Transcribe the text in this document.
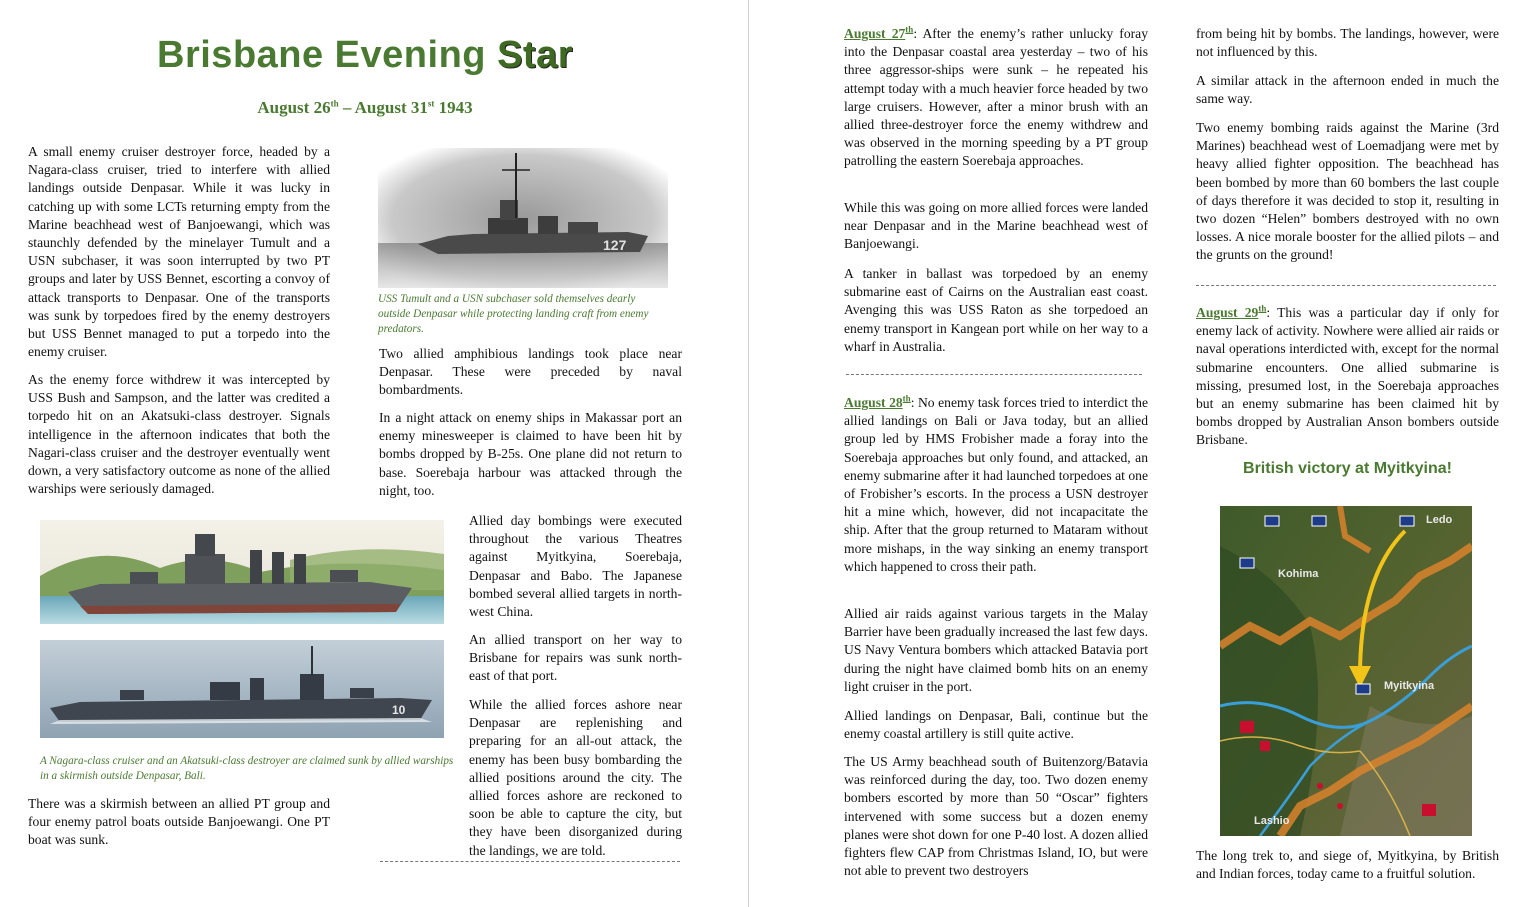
Brisbane Evening Star
August 26th – August 31st 1943

A small enemy cruiser destroyer force, headed by a Nagara-class cruiser, tried to interfere with allied landings outside Denpasar. While it was lucky in catching up with some LCTs returning empty from the Marine beachhead west of Banjoewangi, which was staunchly defended by the minelayer Tumult and a USN subchaser, it was soon interrupted by two PT groups and later by USS Bennet, escorting a convoy of attack transports to Denpasar. One of the transports was sunk by torpedoes fired by the enemy destroyers but USS Bennet managed to put a torpedo into the enemy cruiser.

As the enemy force withdrew it was intercepted by USS Bush and Sampson, and the latter was credited a torpedo hit on an Akatsuki-class destroyer. Signals intelligence in the afternoon indicates that both the Nagari-class cruiser and the destroyer eventually went down, a very satisfactory outcome as none of the allied warships were seriously damaged.

There was a skirmish between an allied PT group and four enemy patrol boats outside Banjoewangi. One PT boat was sunk.

127

USS Tumult and a USN subchaser sold themselves dearly outside Denpasar while protecting landing craft from enemy predators.

Two allied amphibious landings took place near Denpasar. These were preceded by naval bombardments.

In a night attack on enemy ships in Makassar port an enemy minesweeper is claimed to have been hit by bombs dropped by B-25s. One plane did not return to base. Soerebaja harbour was attacked through the night, too.

10

A Nagara-class cruiser and an Akatsuki-class destroyer are claimed sunk by allied warships in a skirmish outside Denpasar, Bali.

Allied day bombings were executed throughout the various Theatres against Myitkyina, Soerebaja, Denpasar and Babo. The Japanese bombed several allied targets in north-west China.

An allied transport on her way to Brisbane for repairs was sunk north-east of that port.

While the allied forces ashore near Denpasar are replenishing and preparing for an all-out attack, the enemy has been busy bombarding the allied positions around the city. The allied forces ashore are reckoned to soon be able to capture the city, but they have been disorganized during the landings, we are told.

August 27th: After the enemy’s rather unlucky foray into the Denpasar coastal area yesterday – two of his three aggressor-ships were sunk – he repeated his attempt today with a much heavier force headed by two large cruisers. However, after a minor brush with an allied three-destroyer force the enemy withdrew and was observed in the morning speeding by a PT group patrolling the eastern Soerebaja approaches.

While this was going on more allied forces were landed near Denpasar and in the Marine beachhead west of Banjoewangi.

A tanker in ballast was torpedoed by an enemy submarine east of Cairns on the Australian east coast. Avenging this was USS Raton as she torpedoed an enemy transport in Kangean port while on her way to a wharf in Australia.

August 28th: No enemy task forces tried to interdict the allied landings on Bali or Java today, but an allied group led by HMS Frobisher made a foray into the Soerebaja approaches but only found, and attacked, an enemy submarine after it had launched torpedoes at one of Frobisher’s escorts. In the process a USN destroyer hit a mine which, however, did not incapacitate the ship. After that the group returned to Mataram without more mishaps, in the way sinking an enemy transport which happened to cross their path.

Allied air raids against various targets in the Malay Barrier have been gradually increased the last few days. US Navy Ventura bombers which attacked Batavia port during the night have claimed bomb hits on an enemy light cruiser in the port.

Allied landings on Denpasar, Bali, continue but the enemy coastal artillery is still quite active.

The US Army beachhead south of Buitenzorg/Batavia was reinforced during the day, too. Two dozen enemy bombers escorted by more than 50 “Oscar” fighters intervened with some success but a dozen enemy planes were shot down for one P-40 lost. A dozen allied fighters flew CAP from Christmas Island, IO, but were not able to prevent two destroyers

from being hit by bombs. The landings, however, were not influenced by this.

A similar attack in the afternoon ended in much the same way.

Two enemy bombing raids against the Marine (3rd Marines) beachhead west of Loemadjang were met by heavy allied fighter opposition. The beachhead has been bombed by more than 60 bombers the last couple of days therefore it was decided to stop it, resulting in two dozen “Helen” bombers destroyed with no own losses. A nice morale booster for the allied pilots – and the grunts on the ground!

August 29th: This was a particular day if only for enemy lack of activity. Nowhere were allied air raids or naval operations interdicted with, except for the normal submarine encounters. One allied submarine is missing, presumed lost, in the Soerebaja approaches but an enemy submarine has been claimed hit by bombs dropped by Australian Anson bombers outside Brisbane.

British victory at Myitkyina!
Ledo
Kohima
Myitkyina
Lashio

The long trek to, and siege of, Myitkyina, by British and Indian forces, today came to a fruitful solution.
